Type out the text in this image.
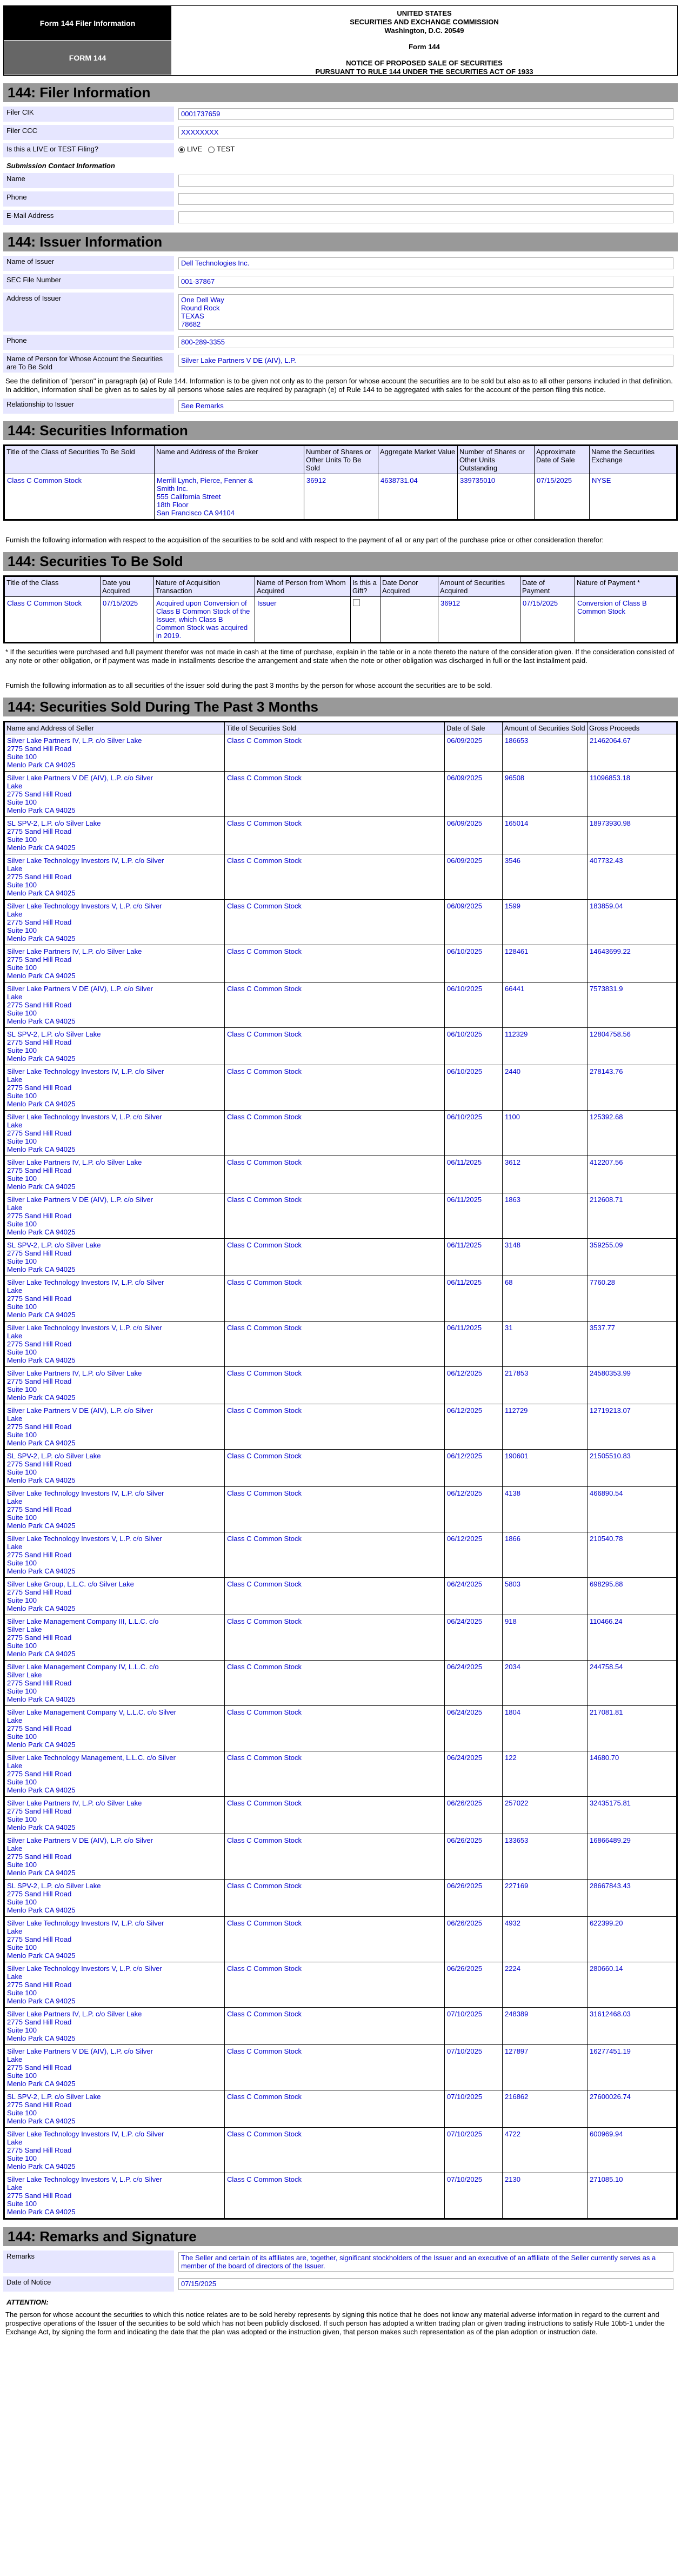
Form 144 Filer Information
FORM 144
UNITED STATES
SECURITIES AND EXCHANGE COMMISSION
Washington, D.C. 20549
Form 144
NOTICE OF PROPOSED SALE OF SECURITIES
PURSUANT TO RULE 144 UNDER THE SECURITIES ACT OF 1933
144: Filer Information
Filer CIK	0001737659
Filer CCC	XXXXXXXX
Is this a LIVE or TEST Filing?	LIVE TEST
Submission Contact Information
Name
Phone
E-Mail Address
144: Issuer Information
Name of Issuer	Dell Technologies Inc.
SEC File Number	001-37867
Address of Issuer	One Dell Way
Round Rock
TEXAS
78682
Phone	800-289-3355
Name of Person for Whose Account the Securities are To Be Sold
Silver Lake Partners V DE (AIV), L.P.
See the definition of "person" in paragraph (a) of Rule 144. Information is to be given not only as to the person for whose account the securities are to be sold but also as to all other persons included in that definition. In addition, information shall be given as to sales by all persons whose sales are required by paragraph (e) of Rule 144 to be aggregated with sales for the account of the person filing this notice.
Relationship to Issuer	See Remarks
144: Securities Information
Title of the Class of Securities To Be Sold	Name and Address of the Broker	Number of Shares or Other Units To Be Sold	Aggregate Market Value	Number of Shares or Other Units Outstanding	Approximate Date of Sale	Name the Securities Exchange
Class C Common Stock	Merrill Lynch, Pierce, Fenner &
Smith Inc.
555 California Street
18th Floor
San Francisco CA 94104	36912	4638731.04	339735010	07/15/2025	NYSE
Furnish the following information with respect to the acquisition of the securities to be sold and with respect to the payment of all or any part of the purchase price or other consideration therefor:
144: Securities To Be Sold
Title of the Class	Date you Acquired	Nature of Acquisition Transaction	Name of Person from Whom Acquired	Is this a Gift?	Date Donor Acquired	Amount of Securities Acquired	Date of Payment	Nature of Payment *
Class C Common Stock	07/15/2025	Acquired upon Conversion of Class B Common Stock of the Issuer, which Class B Common Stock was acquired in 2019.	Issuer			36912	07/15/2025	Conversion of Class B Common Stock
* If the securities were purchased and full payment therefor was not made in cash at the time of purchase, explain in the table or in a note thereto the nature of the consideration given. If the consideration consisted of any note or other obligation, or if payment was made in installments describe the arrangement and state when the note or other obligation was discharged in full or the last installment paid.
Furnish the following information as to all securities of the issuer sold during the past 3 months by the person for whose account the securities are to be sold.
144: Securities Sold During The Past 3 Months
Name and Address of Seller	Title of Securities Sold	Date of Sale	Amount of Securities Sold	Gross Proceeds

Silver Lake Partners IV, L.P. c/o Silver Lake
2775 Sand Hill Road
Suite 100
Menlo Park CA 94025	Class C Common Stock	06/09/2025	186653	21462064.67

Silver Lake Partners V DE (AIV), L.P. c/o Silver
Lake
2775 Sand Hill Road
Suite 100
Menlo Park CA 94025	Class C Common Stock	06/09/2025	96508	11096853.18

SL SPV-2, L.P. c/o Silver Lake
2775 Sand Hill Road
Suite 100
Menlo Park CA 94025	Class C Common Stock	06/09/2025	165014	18973930.98

Silver Lake Technology Investors IV, L.P. c/o Silver
Lake
2775 Sand Hill Road
Suite 100
Menlo Park CA 94025	Class C Common Stock	06/09/2025	3546	407732.43

Silver Lake Technology Investors V, L.P. c/o Silver
Lake
2775 Sand Hill Road
Suite 100
Menlo Park CA 94025	Class C Common Stock	06/09/2025	1599	183859.04

Silver Lake Partners IV, L.P. c/o Silver Lake
2775 Sand Hill Road
Suite 100
Menlo Park CA 94025	Class C Common Stock	06/10/2025	128461	14643699.22

Silver Lake Partners V DE (AIV), L.P. c/o Silver
Lake
2775 Sand Hill Road
Suite 100
Menlo Park CA 94025	Class C Common Stock	06/10/2025	66441	7573831.9

SL SPV-2, L.P. c/o Silver Lake
2775 Sand Hill Road
Suite 100
Menlo Park CA 94025	Class C Common Stock	06/10/2025	112329	12804758.56

Silver Lake Technology Investors IV, L.P. c/o Silver
Lake
2775 Sand Hill Road
Suite 100
Menlo Park CA 94025	Class C Common Stock	06/10/2025	2440	278143.76

Silver Lake Technology Investors V, L.P. c/o Silver
Lake
2775 Sand Hill Road
Suite 100
Menlo Park CA 94025	Class C Common Stock	06/10/2025	1100	125392.68

Silver Lake Partners IV, L.P. c/o Silver Lake
2775 Sand Hill Road
Suite 100
Menlo Park CA 94025	Class C Common Stock	06/11/2025	3612	412207.56

Silver Lake Partners V DE (AIV), L.P. c/o Silver
Lake
2775 Sand Hill Road
Suite 100
Menlo Park CA 94025	Class C Common Stock	06/11/2025	1863	212608.71

SL SPV-2, L.P. c/o Silver Lake
2775 Sand Hill Road
Suite 100
Menlo Park CA 94025	Class C Common Stock	06/11/2025	3148	359255.09

Silver Lake Technology Investors IV, L.P. c/o Silver
Lake
2775 Sand Hill Road
Suite 100
Menlo Park CA 94025	Class C Common Stock	06/11/2025	68	7760.28

Silver Lake Technology Investors V, L.P. c/o Silver
Lake
2775 Sand Hill Road
Suite 100
Menlo Park CA 94025	Class C Common Stock	06/11/2025	31	3537.77

Silver Lake Partners IV, L.P. c/o Silver Lake
2775 Sand Hill Road
Suite 100
Menlo Park CA 94025	Class C Common Stock	06/12/2025	217853	24580353.99

Silver Lake Partners V DE (AIV), L.P. c/o Silver
Lake
2775 Sand Hill Road
Suite 100
Menlo Park CA 94025	Class C Common Stock	06/12/2025	112729	12719213.07

SL SPV-2, L.P. c/o Silver Lake
2775 Sand Hill Road
Suite 100
Menlo Park CA 94025	Class C Common Stock	06/12/2025	190601	21505510.83

Silver Lake Technology Investors IV, L.P. c/o Silver
Lake
2775 Sand Hill Road
Suite 100
Menlo Park CA 94025	Class C Common Stock	06/12/2025	4138	466890.54

Silver Lake Technology Investors V, L.P. c/o Silver
Lake
2775 Sand Hill Road
Suite 100
Menlo Park CA 94025	Class C Common Stock	06/12/2025	1866	210540.78

Silver Lake Group, L.L.C. c/o Silver Lake
2775 Sand Hill Road
Suite 100
Menlo Park CA 94025	Class C Common Stock	06/24/2025	5803	698295.88

Silver Lake Management Company III, L.L.C. c/o
Silver Lake
2775 Sand Hill Road
Suite 100
Menlo Park CA 94025	Class C Common Stock	06/24/2025	918	110466.24

Silver Lake Management Company IV, L.L.C. c/o
Silver Lake
2775 Sand Hill Road
Suite 100
Menlo Park CA 94025	Class C Common Stock	06/24/2025	2034	244758.54

Silver Lake Management Company V, L.L.C. c/o Silver
Lake
2775 Sand Hill Road
Suite 100
Menlo Park CA 94025	Class C Common Stock	06/24/2025	1804	217081.81

Silver Lake Technology Management, L.L.C. c/o Silver
Lake
2775 Sand Hill Road
Suite 100
Menlo Park CA 94025	Class C Common Stock	06/24/2025	122	14680.70

Silver Lake Partners IV, L.P. c/o Silver Lake
2775 Sand Hill Road
Suite 100
Menlo Park CA 94025	Class C Common Stock	06/26/2025	257022	32435175.81

Silver Lake Partners V DE (AIV), L.P. c/o Silver
Lake
2775 Sand Hill Road
Suite 100
Menlo Park CA 94025	Class C Common Stock	06/26/2025	133653	16866489.29

SL SPV-2, L.P. c/o Silver Lake
2775 Sand Hill Road
Suite 100
Menlo Park CA 94025	Class C Common Stock	06/26/2025	227169	28667843.43

Silver Lake Technology Investors IV, L.P. c/o Silver
Lake
2775 Sand Hill Road
Suite 100
Menlo Park CA 94025	Class C Common Stock	06/26/2025	4932	622399.20

Silver Lake Technology Investors V, L.P. c/o Silver
Lake
2775 Sand Hill Road
Suite 100
Menlo Park CA 94025	Class C Common Stock	06/26/2025	2224	280660.14

Silver Lake Partners IV, L.P. c/o Silver Lake
2775 Sand Hill Road
Suite 100
Menlo Park CA 94025	Class C Common Stock	07/10/2025	248389	31612468.03

Silver Lake Partners V DE (AIV), L.P. c/o Silver
Lake
2775 Sand Hill Road
Suite 100
Menlo Park CA 94025	Class C Common Stock	07/10/2025	127897	16277451.19

SL SPV-2, L.P. c/o Silver Lake
2775 Sand Hill Road
Suite 100
Menlo Park CA 94025	Class C Common Stock	07/10/2025	216862	27600026.74

Silver Lake Technology Investors IV, L.P. c/o Silver
Lake
2775 Sand Hill Road
Suite 100
Menlo Park CA 94025	Class C Common Stock	07/10/2025	4722	600969.94

Silver Lake Technology Investors V, L.P. c/o Silver
Lake
2775 Sand Hill Road
Suite 100
Menlo Park CA 94025	Class C Common Stock	07/10/2025	2130	271085.10
144: Remarks and Signature
Remarks	The Seller and certain of its affiliates are, together, significant stockholders of the Issuer and an executive of an affiliate of the Seller currently serves as a member of the board of directors of the Issuer.
Date of Notice	07/15/2025
ATTENTION:
The person for whose account the securities to which this notice relates are to be sold hereby represents by signing this notice that he does not know any material adverse information in regard to the current and prospective operations of the Issuer of the securities to be sold which has not been publicly disclosed. If such person has adopted a written trading plan or given trading instructions to satisfy Rule 10b5-1 under the Exchange Act, by signing the form and indicating the date that the plan was adopted or the instruction given, that person makes such representation as of the plan adoption or instruction date.
